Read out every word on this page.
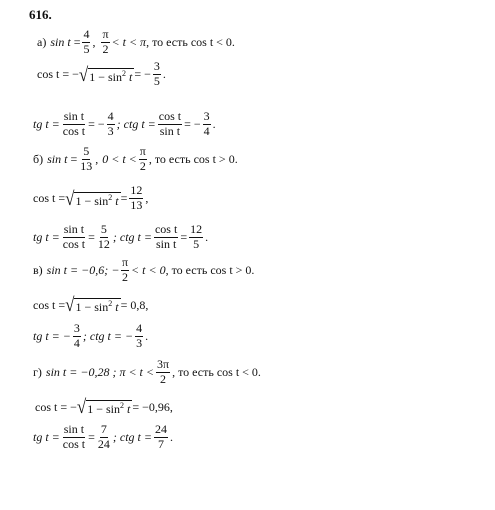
616.
а) sin
t
= $\frac{4}{5}$ ,
π
2 < t < π , то есть cos t < 0.
cos t = − √ $1 - \sin^2 t$ = − $\frac{3}{5}$ .
tg $t = \frac{\text{sin t}}{\text{cos t}}$ = − $\frac{4}{3}$ ; ctg $t = \frac{\text{cos t}}{\text{sin t}}$ = − $\frac{3}{4}$ .
б) sin
t
= $\frac{5}{13}$ , 0 < t <
π
2 , то есть cos t > 0.
cos t = √ $1 - \sin^2 t = \frac{12}{13}$ ,
tg $t = \frac{\text{sin t}}{\text{cos t}} = \frac{5}{12}$ ; ctg $t = \frac{\text{cos t}}{\text{sin t}} = \frac{12}{5}$ .
в) sin t = −0,6; − $\frac{\pi}{2} < t < 0$ , то есть cos t > 0.
cos t = √ $1 - \sin^2 t = 0,8$ ,
tg t = − $\frac{3}{4}$ ; ctg t = − $\frac{4}{3}$ .
г) sin t = −0,28 ; π < t <
3π
2 , то есть cos t < 0.
cos t = − √ $1 - \sin^2 t = -0,96$ ,
tg $t = \frac{\text{sin t}}{\text{cos t}} = \frac{7}{24}$ ; ctg $t = \frac{24}{7}$ .
